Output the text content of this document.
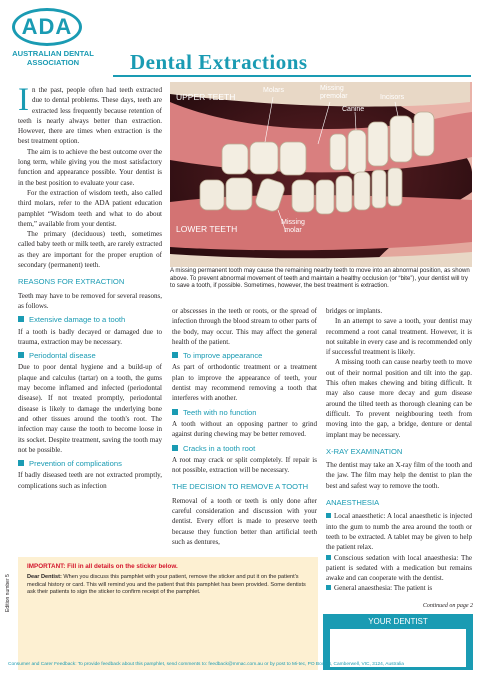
ADA
AUSTRALIAN DENTAL
ASSOCIATION	Dental Extractions

In the past, people often had teeth extracted due to dental problems. These days, teeth are extracted less frequently because retention of teeth is nearly always better than extraction. However, there are times when extraction is the best treatment option.

The aim is to achieve the best outcome over the long term, while giving you the most satisfactory function and appearance possible. Your dentist is in the best position to evaluate your case.

For the extraction of wisdom teeth, also called third molars, refer to the ADA patient education pamphlet “Wisdom teeth and what to do about them,” available from your dentist.

The primary (deciduous) teeth, sometimes called baby teeth or milk teeth, are rarely extracted as they are important for the proper eruption of secondary (permanent) teeth.

REASONS FOR EXTRACTION

Teeth may have to be removed for several reasons, as follows.

Extensive damage to a tooth

If a tooth is badly decayed or damaged due to trauma, extraction may be necessary.

Periodontal disease

Due to poor dental hygiene and a build-up of plaque and calculus (tartar) on a tooth, the gums may become inflamed and infected (periodontal disease). If not treated promptly, periodontal disease is likely to damage the underlying bone and other tissues around the tooth's root. The infection may cause the tooth to become loose in its socket. Despite treatment, saving the tooth may not be possible.

Prevention of complications

If badly diseased teeth are not extracted promptly, complications such as infection

UPPER TEETH
LOWER TEETH
Molars	Missing premolar
Canine
Incisors
Missing molar
A missing permanent tooth may cause the remaining nearby teeth to move into an abnormal position, as shown above. To prevent abnormal movement of teeth and maintain a healthy occlusion (or “bite”), your dentist will try to save a tooth, if possible. Sometimes, however, the best treatment is extraction.

or abscesses in the teeth or roots, or the spread of infection through the blood stream to other parts of the body, may occur. This may affect the general health of the patient.

To improve appearance

As part of orthodontic treatment or a treatment plan to improve the appearance of teeth, your dentist may recommend removing a tooth that interferes with another.

Teeth with no function

A tooth without an opposing partner to grind against during chewing may be better removed.

Cracks in a tooth root

A root may crack or split completely. If repair is not possible, extraction will be necessary.

THE DECISION TO REMOVE A TOOTH

Removal of a tooth or teeth is only done after careful consideration and discussion with your dentist. Every effort is made to preserve teeth because they function better than artificial teeth such as dentures,

bridges or implants.

In an attempt to save a tooth, your dentist may recommend a root canal treatment. However, it is not suitable in every case and is recommended only if successful treatment is likely.

A missing tooth can cause nearby teeth to move out of their normal position and tilt into the gap. This often makes chewing and biting difficult. It may also cause more decay and gum disease around the tilted teeth as thorough cleaning can be difficult. To prevent neighbouring teeth from moving into the gap, a bridge, denture or dental implant may be necessary.

X-RAY EXAMINATION

The dentist may take an X-ray film of the tooth and the jaw. The film may help the dentist to plan the best and safest way to remove the tooth.

ANAESTHESIA

Local anaesthetic: A local anaesthetic is injected into the gum to numb the area around the tooth or teeth to be extracted. A tablet may be given to help the patient relax.

Conscious sedation with local anaesthesia: The patient is sedated with a medication but remains awake and can cooperate with the dentist.

General anaesthesia: The patient is

Continued on page 2
IMPORTANT: Fill in all details on the sticker below.
Dear Dentist: When you discuss this pamphlet with your patient, remove the sticker and put it on the patient's medical history or card. This will remind you and the patient that this pamphlet has been provided. Some dentists ask their patients to sign the sticker to confirm receipt of the pamphlet.
Edition number 5
YOUR DENTIST
Consumer and Carer Feedback: To provide feedback about this pamphlet, send comments to: feedback@mmac.com.au or by post to Mi-tec, PO Box 24, Camberwell, VIC, 3124, Australia
